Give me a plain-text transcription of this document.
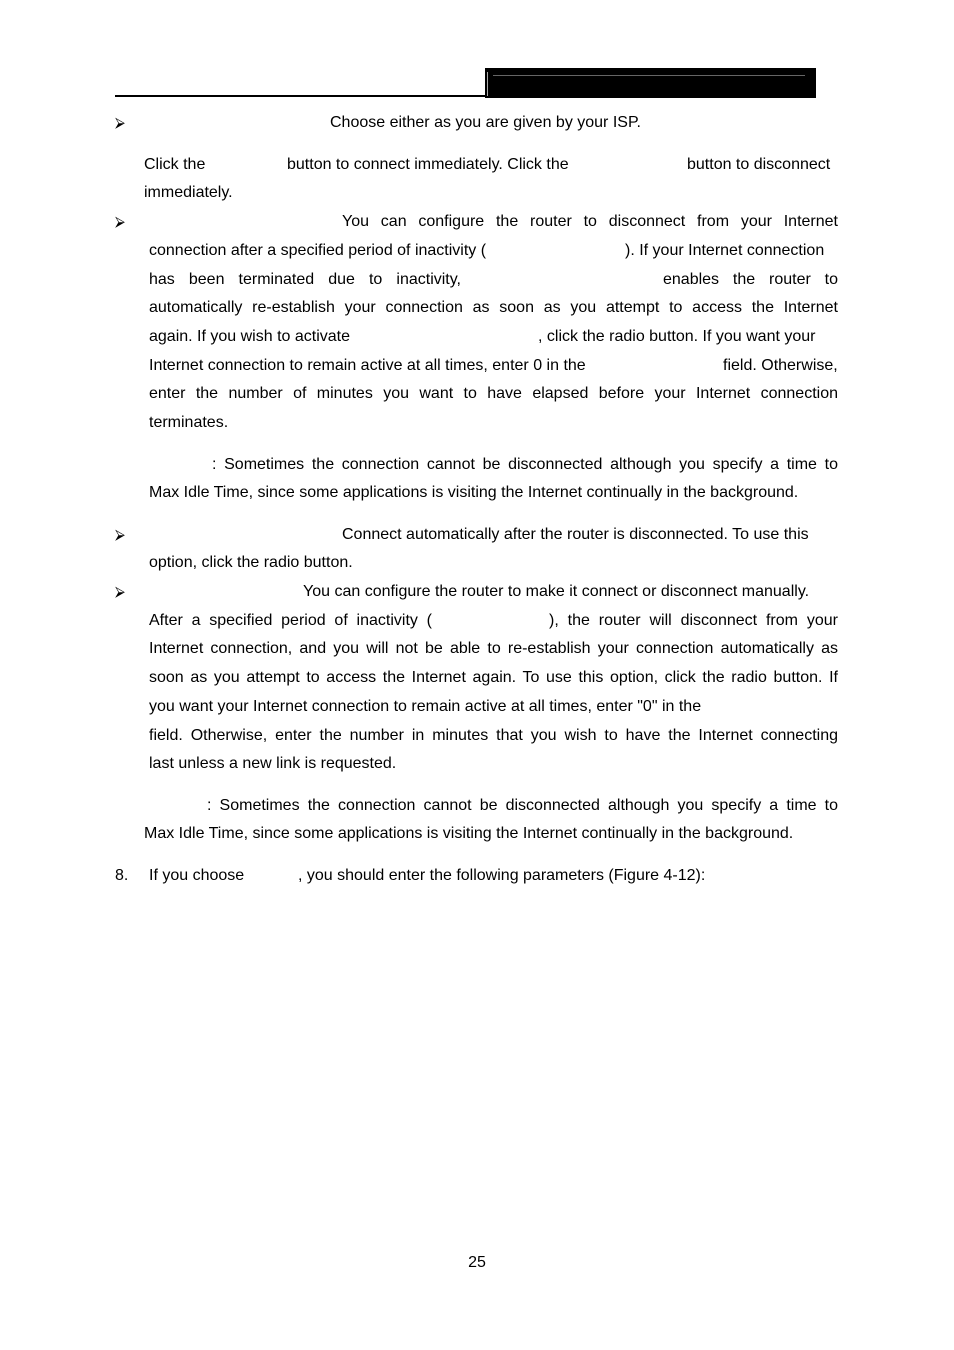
⮚	Choose either as you are given by your ISP.
Click the	button to connect immediately. Click the	button to disconnect
immediately.
⮚	You can configure the router to disconnect from your Internet
connection after a specified period of inactivity (	). If your Internet connection
has been terminated due to inactivity,	enables the router to
automatically re-establish your connection as soon as you attempt to access the Internet
again. If you wish to activate	, click the radio button. If you want your
Internet connection to remain active at all times, enter 0 in the	field. Otherwise,
enter the number of minutes you want to have elapsed before your Internet connection
terminates.
: Sometimes the connection cannot be disconnected although you specify a time to
Max Idle Time, since some applications is visiting the Internet continually in the background.
⮚	Connect automatically after the router is disconnected. To use this
option, click the radio button.
⮚	You can configure the router to make it connect or disconnect manually.
After a specified period of inactivity (	), the router will disconnect from your
Internet connection, and you will not be able to re-establish your connection automatically as
soon as you attempt to access the Internet again. To use this option, click the radio button. If
you want your Internet connection to remain active at all times, enter "0" in the
field. Otherwise, enter the number in minutes that you wish to have the Internet connecting
last unless a new link is requested.
: Sometimes the connection cannot be disconnected although you specify a time to
Max Idle Time, since some applications is visiting the Internet continually in the background.
8. If you choose	, you should enter the following parameters (Figure 4-12):
25
